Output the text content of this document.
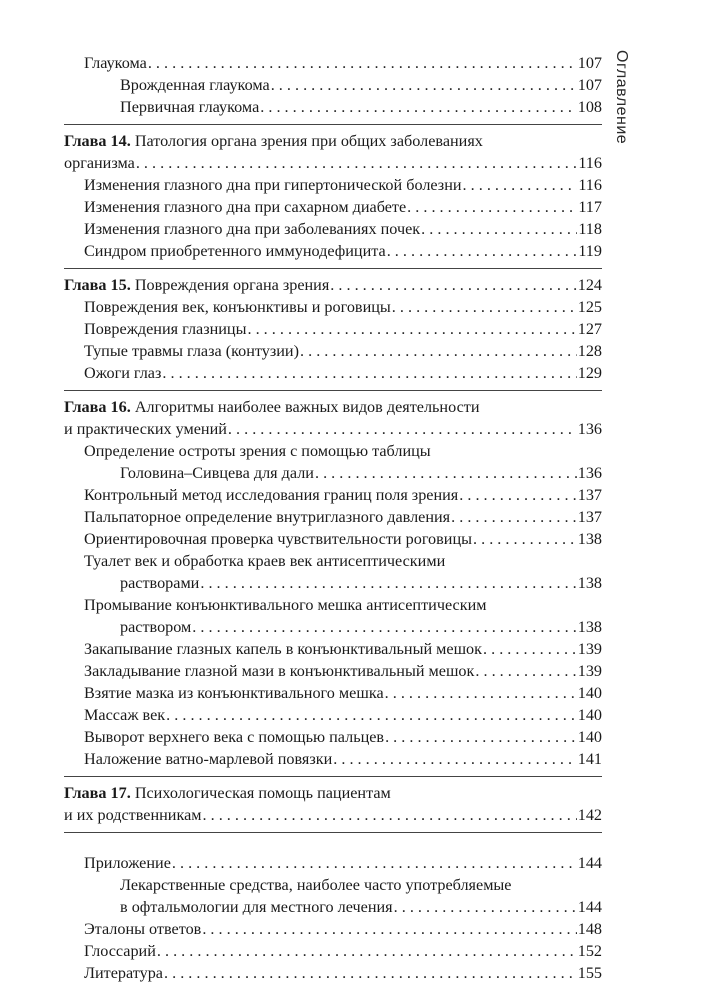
Оглавление
Глаукома . . .	107
Врожденная глаукома . . .	107
Первичная глаукома . . .	108
Глава 14. Патология органа зрения при общих заболеваниях
организма . . .	116
Изменения глазного дна при гипертонической болезни . . .	116
Изменения глазного дна при сахарном диабете . . .	117
Изменения глазного дна при заболеваниях почек . . .	118
Синдром приобретенного иммунодефицита . . .	119
Глава 15. Повреждения органа зрения . . .	124
Повреждения век, конъюнктивы и роговицы . . .	125
Повреждения глазницы . . .	127
Тупые травмы глаза (контузии) . . .	128
Ожоги глаз . . .	129
Глава 16. Алгоритмы наиболее важных видов деятельности
и практических умений . . .	136
Определение остроты зрения с помощью таблицы
Головина–Сивцева для дали . . .	136
Контрольный метод исследования границ поля зрения . . .	137
Пальпаторное определение внутриглазного давления . . .	137
Ориентировочная проверка чувствительности роговицы . . .	138
Туалет век и обработка краев век антисептическими
растворами . . .	138
Промывание конъюнктивального мешка антисептическим
раствором . . .	138
Закапывание глазных капель в конъюнктивальный мешок . . .	139
Закладывание глазной мази в конъюнктивальный мешок . . .	139
Взятие мазка из конъюнктивального мешка . . .	140
Массаж век . . .	140
Выворот верхнего века с помощью пальцев . . .	140
Наложение ватно-марлевой повязки . . .	141
Глава 17. Психологическая помощь пациентам
и их родственникам . . .	142
Приложение . . .	144
Лекарственные средства, наиболее часто употребляемые
в офтальмологии для местного лечения . . .	144
Эталоны ответов . . .	148
Глоссарий . . .	152
Литература . . .	155
